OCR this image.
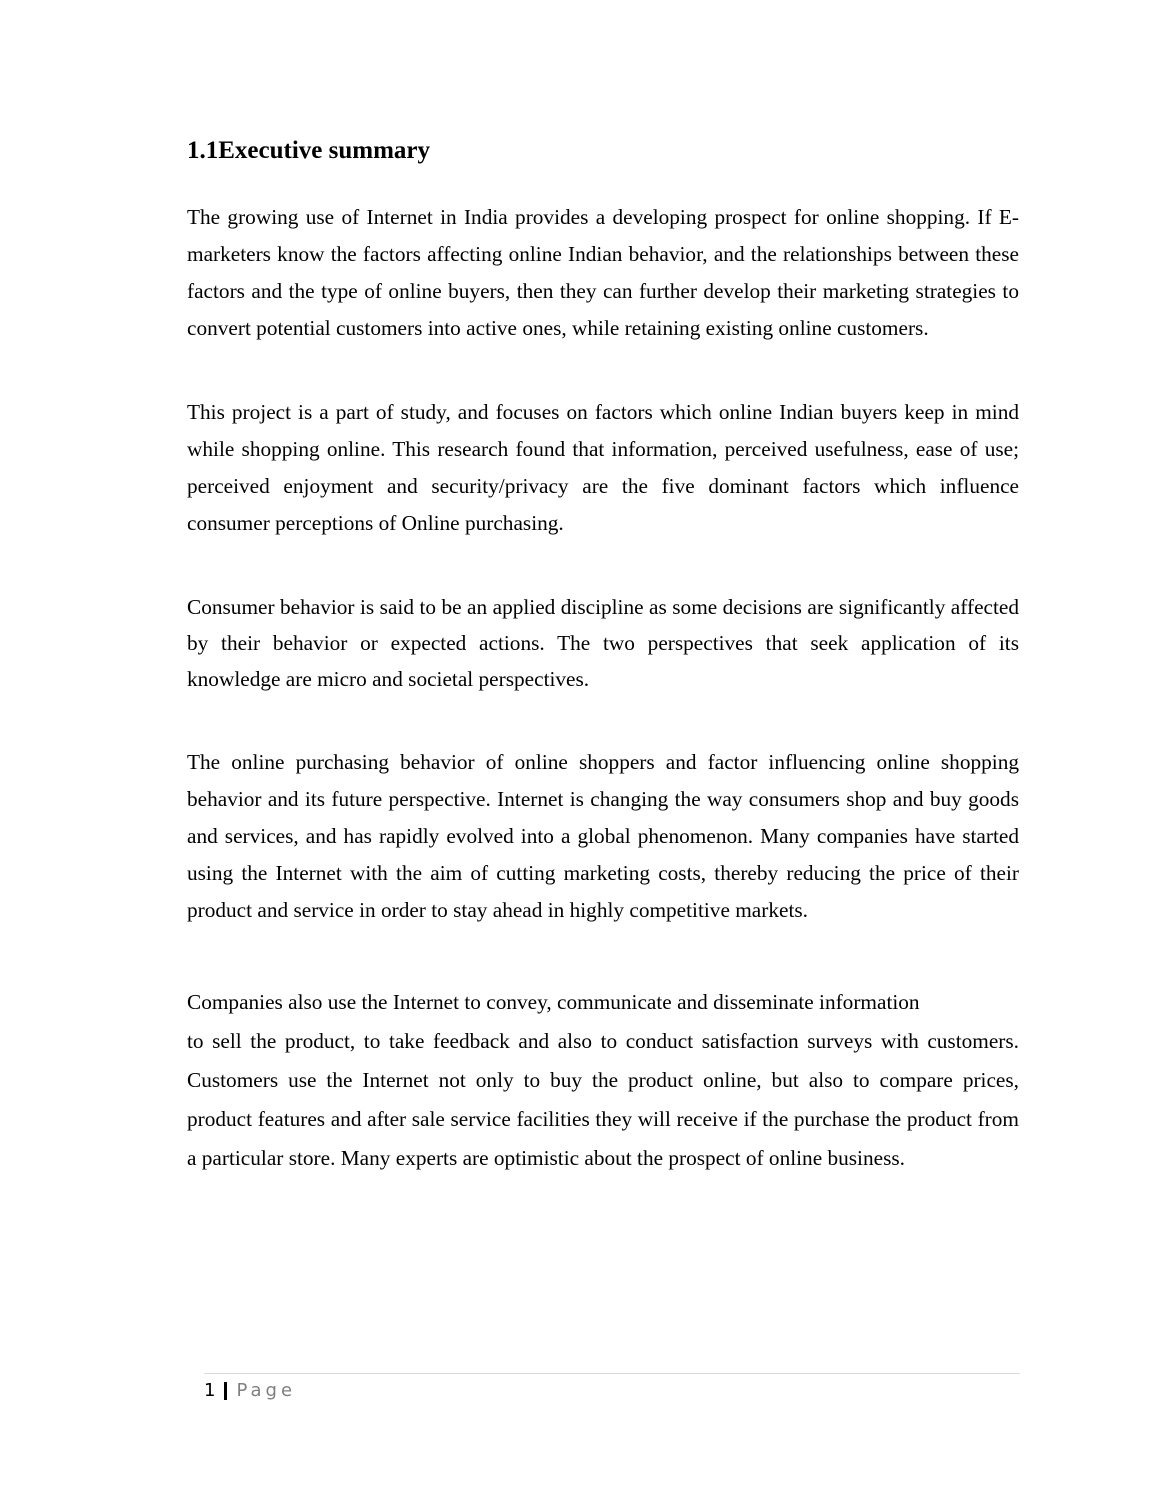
1.1Executive summary

The growing use of Internet in India provides a developing prospect for online shopping. If E-marketers know the factors affecting online Indian behavior, and the relationships between these factors and the type of online buyers, then they can further develop their marketing strategies to convert potential customers into active ones, while retaining existing online customers.

This project is a part of study, and focuses on factors which online Indian buyers keep in mind while shopping online. This research found that information, perceived usefulness, ease of use; perceived enjoyment and security/privacy are the five dominant factors which influence consumer perceptions of Online purchasing.

Consumer behavior is said to be an applied discipline as some decisions are significantly affected by their behavior or expected actions. The two perspectives that seek application of its knowledge are micro and societal perspectives.

The online purchasing behavior of online shoppers and factor influencing online shopping behavior and its future perspective. Internet is changing the way consumers shop and buy goods and services, and has rapidly evolved into a global phenomenon. Many companies have started using the Internet with the aim of cutting marketing costs, thereby reducing the price of their product and service in order to stay ahead in highly competitive markets.

Companies also use the Internet to convey, communicate and disseminate information
to sell the product, to take feedback and also to conduct satisfaction surveys with customers. Customers use the Internet not only to buy the product online, but also to compare prices, product features and after sale service facilities they will receive if the purchase the product from a particular store. Many experts are optimistic about the prospect of online business.

1 Page
